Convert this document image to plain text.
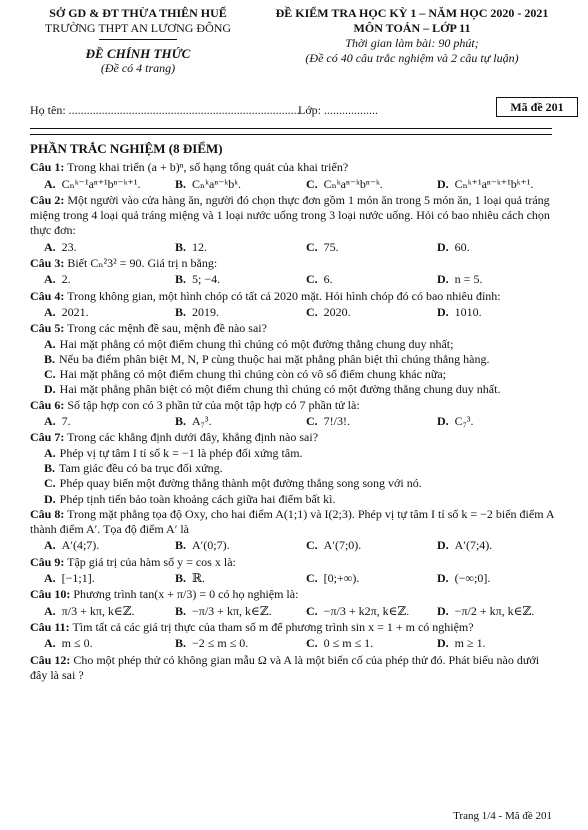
SỞ GD & ĐT THỪA THIÊN HUẾ
TRƯỜNG THPT AN LƯƠNG ĐÔNG
ĐỀ CHÍNH THỨC
(Đề có 4 trang)
ĐỀ KIỂM TRA HỌC KỲ 1 – NĂM HỌC 2020 - 2021
MÔN TOÁN – LỚP 11
Thời gian làm bài: 90 phút;
(Đề có 40 câu trắc nghiệm và 2 câu tự luận)
Họ tên: .............................................................................
Lớp: ..................	Mã đề 201
PHẦN TRẮC NGHIỆM (8 ĐIỂM)
Câu 1: Trong khai triển (a + b)ⁿ, số hạng tổng quát của khai triển?
A. Cₙᵏ⁻¹aⁿ⁺¹bⁿ⁻ᵏ⁺¹.	B. Cₙᵏaⁿ⁻ᵏbᵏ.	C. Cₙᵏaⁿ⁻ᵏbⁿ⁻ᵏ.	D. Cₙᵏ⁺¹aⁿ⁻ᵏ⁺¹bᵏ⁺¹.
Câu 2: Một người vào cửa hàng ăn, người đó chọn thực đơn gồm 1 món ăn trong 5 món ăn, 1 loại quả tráng miệng trong 4 loại quả tráng miệng và 1 loại nước uống trong 3 loại nước uống. Hỏi có bao nhiêu cách chọn thực đơn:
A. 23.	B. 12.	C. 75.	D. 60.
Câu 3: Biết Cₙ²3² = 90. Giá trị n bằng:
A. 2.	B. 5; −4.	C. 6.	D. n = 5.
Câu 4: Trong không gian, một hình chóp có tất cả 2020 mặt. Hỏi hình chóp đó có bao nhiêu đỉnh:
A. 2021.	B. 2019.	C. 2020.	D. 1010.
Câu 5: Trong các mệnh đề sau, mệnh đề nào sai?
A. Hai mặt phẳng có một điểm chung thì chúng có một đường thẳng chung duy nhất;
B. Nếu ba điểm phân biệt M, N, P cùng thuộc hai mặt phẳng phân biệt thì chúng thẳng hàng.
C. Hai mặt phẳng có một điểm chung thì chúng còn có vô số điểm chung khác nữa;
D. Hai mặt phẳng phân biệt có một điểm chung thì chúng có một đường thẳng chung duy nhất.
Câu 6: Số tập hợp con có 3 phần tử của một tập hợp có 7 phần tử là:
A. 7.	B. A₇³.	C. 7!/3!.	D. C₇³.
Câu 7: Trong các khẳng định dưới đây, khẳng định nào sai?
A. Phép vị tự tâm I tỉ số k = −1 là phép đối xứng tâm.
B. Tam giác đều có ba trục đối xứng.
C. Phép quay biến một đường thẳng thành một đường thẳng song song với nó.
D. Phép tịnh tiến bảo toàn khoảng cách giữa hai điểm bất kì.
Câu 8: Trong mặt phẳng tọa độ Oxy, cho hai điểm A(1;1) và I(2;3). Phép vị tự tâm I tỉ số k = −2 biến điểm A thành điểm A′. Tọa độ điểm A′ là
A. A′(4;7).	B. A′(0;7).	C. A′(7;0).	D. A′(7;4).
Câu 9: Tập giá trị của hàm số y = cos x là:
A. [−1;1].	B. ℝ.	C. [0;+∞).	D. (−∞;0].
Câu 10: Phương trình tan(x + π/3) = 0 có họ nghiệm là:
A. π/3 + kπ, k∈ℤ.	B. −π/3 + kπ, k∈ℤ.	C. −π/3 + k2π, k∈ℤ.	D. −π/2 + kπ, k∈ℤ.
Câu 11: Tìm tất cả các giá trị thực của tham số m để phương trình sin x = 1 + m có nghiệm?
A. m ≤ 0.	B. −2 ≤ m ≤ 0.	C. 0 ≤ m ≤ 1.	D. m ≥ 1.
Câu 12: Cho một phép thử có không gian mẫu Ω và A là một biến cố của phép thử đó. Phát biểu nào dưới đây là sai ?
Trang 1/4 - Mã đề 201
